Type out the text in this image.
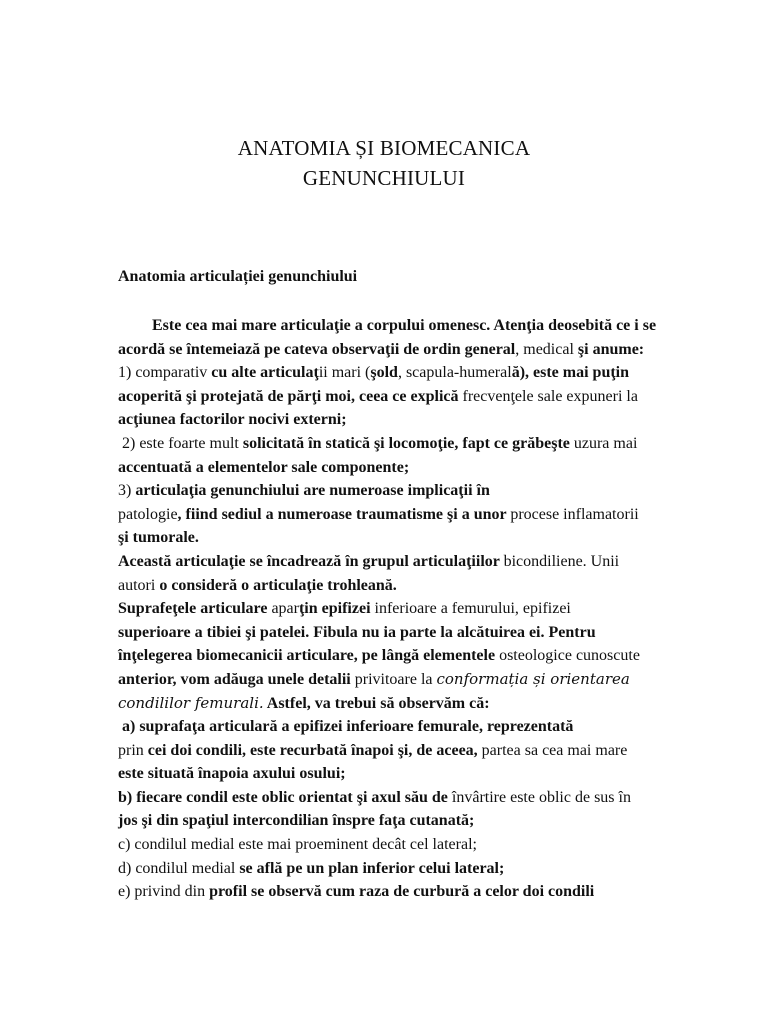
ANATOMIA ȘI BIOMECANICA
GENUNCHIULUI
Anatomia articulației genunchiului
Este cea mai mare articulaţie a corpului omenesc. Atenţia deosebită ce i se
acordă se întemeiază pe cateva observaţii de ordin general, medical şi anume:
1) comparativ cu alte articulaţii mari (şold, scapula-humerală), este mai puţin
acoperită şi protejată de părţi moi, ceea ce explică frecvenţele sale expuneri la
acţiunea factorilor nocivi externi;
2) este foarte mult solicitată în statică şi locomoţie, fapt ce grăbeşte uzura mai
accentuată a elementelor sale componente;
3) articulaţia genunchiului are numeroase implicaţii în
patologie, fiind sediul a numeroase traumatisme şi a unor procese inflamatorii
şi tumorale.
Această articulaţie se încadrează în grupul articulaţiilor bicondiliene. Unii
autori o consideră o articulaţie trohleană.
Suprafeţele articulare aparţin epifizei inferioare a femurului, epifizei
superioare a tibiei şi patelei. Fibula nu ia parte la alcătuirea ei. Pentru
înţelegerea biomecanicii articulare, pe lângă elementele osteologice cunoscute
anterior, vom adăuga unele detalii privitoare la conformația și orientarea
condililor femurali. Astfel, va trebui să observăm că:
a) suprafaţa articulară a epifizei inferioare femurale, reprezentată
prin cei doi condili, este recurbată înapoi şi, de aceea, partea sa cea mai mare
este situată înapoia axului osului;
b) fiecare condil este oblic orientat şi axul său de învârtire este oblic de sus în
jos şi din spaţiul intercondilian înspre faţa cutanată;
c) condilul medial este mai proeminent decât cel lateral;
d) condilul medial se află pe un plan inferior celui lateral;
e) privind din profil se observă cum raza de curbură a celor doi condili
